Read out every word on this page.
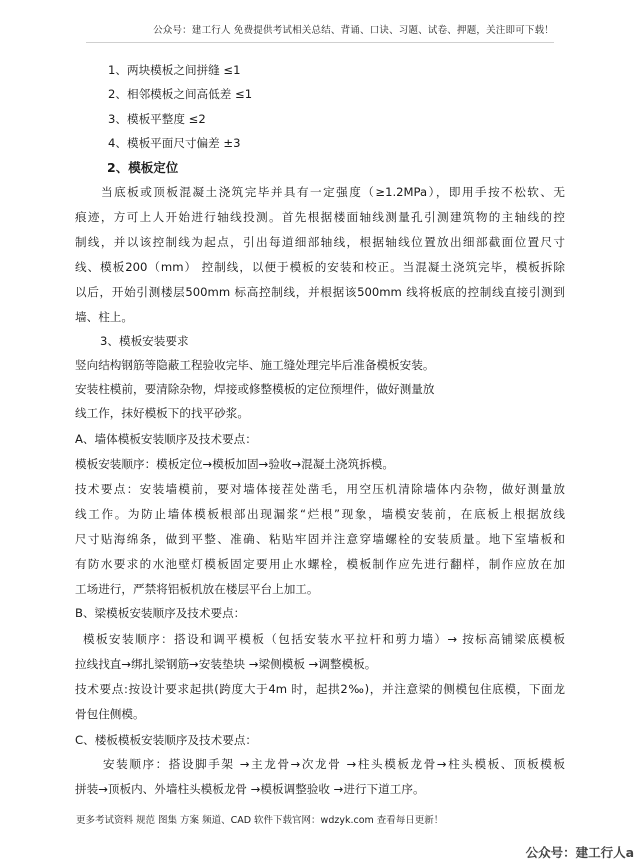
公众号：建工行人 免费提供考试相关总结、背诵、口诀、习题、试卷、押题，关注即可下载！
1、两块模板之间拼缝 ≤1
2、相邻模板之间高低差 ≤1
3、模板平整度 ≤2
4、模板平面尺寸偏差 ±3
2、模板定位
当底板或顶板混凝土浇筑完毕并具有一定强度（≥1.2MPa），即用手按不松软、无
痕迹，方可上人开始进行轴线投测。首先根据楼面轴线测量孔引测建筑物的主轴线的控
制线，并以该控制线为起点，引出每道细部轴线，根据轴线位置放出细部截面位置尺寸
线、模板200（mm） 控制线，以便于模板的安装和校正。当混凝土浇筑完毕，模板拆除
以后，开始引测楼层500mm 标高控制线，并根据该500mm 线将板底的控制线直接引测到
墙、柱上。
3、模板安装要求
竖向结构钢筋等隐蔽工程验收完毕、施工缝处理完毕后准备模板安装。
安装柱模前，要清除杂物，焊接或修整模板的定位预埋件，做好测量放
线工作，抹好模板下的找平砂浆。
A、墙体模板安装顺序及技术要点：
模板安装顺序：模板定位→模板加固→验收→混凝土浇筑拆模。
技术要点：安装墙模前，要对墙体接茬处凿毛，用空压机清除墙体内杂物，做好测量放
线工作。为防止墙体模板根部出现漏浆“烂根”现象，墙模安装前，在底板上根据放线
尺寸贴海绵条，做到平整、准确、粘贴牢固并注意穿墙螺栓的安装质量。地下室墙板和
有防水要求的水池壁灯模板固定要用止水螺栓，模板制作应先进行翻样，制作应放在加
工场进行，严禁将铝板机放在楼层平台上加工。
B、梁模板安装顺序及技术要点：
模板安装顺序：搭设和调平模板（包括安装水平拉杆和剪力墙）→ 按标高铺梁底模板
拉线找直→绑扎梁钢筋→安装垫块 →梁侧模板 →调整模板。
技术要点:按设计要求起拱(跨度大于4m 时，起拱2‰)，并注意梁的侧模包住底模，下面龙
骨包住侧模。
C、楼板模板安装顺序及技术要点：
安装顺序：搭设脚手架 →主龙骨→次龙骨 →柱头模板龙骨→柱头模板、顶板模板
拼装→顶板内、外墙柱头模板龙骨 →模板调整验收 →进行下道工序。
更多考试资料 规范 图集 方案 频道、CAD 软件下载官网：wdzyk.com 查看每日更新！
公众号：建工行人a
